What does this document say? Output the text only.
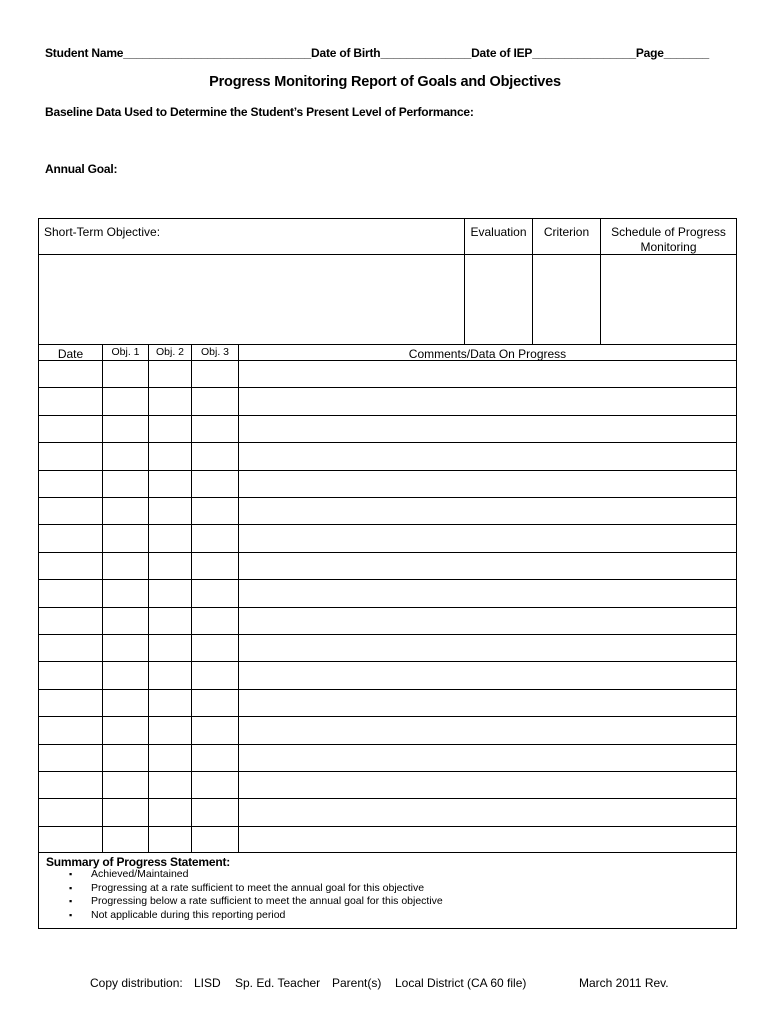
Student Name_____________________________Date of Birth______________Date of IEP________________Page_______
Progress Monitoring Report of Goals and Objectives
Baseline Data Used to Determine the Student’s Present Level of Performance:
Annual Goal:
Short-Term Objective:	Evaluation	Criterion	Schedule of Progress
Monitoring
Date	Obj. 1	Obj. 2	Obj. 3	Comments/Data On Progress
Summary of Progress Statement:
▪ Achieved/Maintained
▪ Progressing at a rate sufficient to meet the annual goal for this objective
▪ Progressing below a rate sufficient to meet the annual goal for this objective
▪ Not applicable during this reporting period
Copy distribution: LISD Sp. Ed. Teacher Parent(s) Local District (CA 60 file)	March 2011 Rev.
